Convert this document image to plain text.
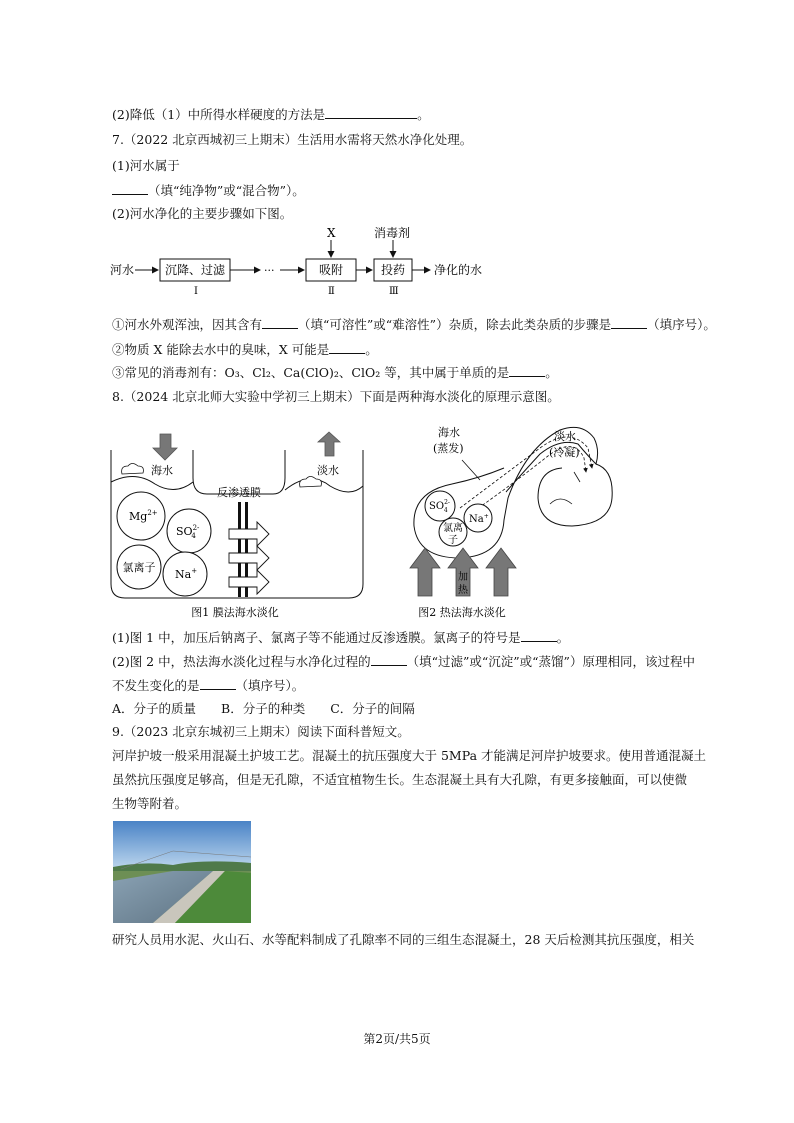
(2)降低（1）中所得水样硬度的方法是	。
7.（2022 北京西城初三上期末）生活用水需将天然水净化处理。
(1)河水属于
（填“纯净物”或“混合物”）。
(2)河水净化的主要步骤如下图。
河水	沉降、过滤
I
···	吸附
X
Ⅱ
投药
消毒剂
Ⅲ
净化的水
①河水外观浑浊，因其含有	（填“可溶性”或“难溶性”）杂质，除去此类杂质的步骤是	（填序号）。
②物质 X 能除去水中的臭味，X 可能是	。
③常见的消毒剂有：O₃、Cl₂、Ca(ClO)₂、ClO₂ 等，其中属于单质的是	。
8.（2024 北京北师大实验中学初三上期末）下面是两种海水淡化的原理示意图。
海水	淡水
反渗透膜
$Mg^{2+}$
$SO^{2-}4$
氯离子
Na+
图1 膜法海水淡化
海水
(蒸发)
淡水
(冷凝)
$SO^{2-}4$
Na+
氯离
子
加
热
图2 热法海水淡化
(1)图 1 中，加压后钠离子、氯离子等不能通过反渗透膜。氯离子的符号是	。
(2)图 2 中，热法海水淡化过程与水净化过程的	（填“过滤”或“沉淀”或“蒸馏”）原理相同，该过程中
不发生变化的是	（填序号）。
A．分子的质量　　B．分子的种类　　C．分子的间隔
9.（2023 北京东城初三上期末）阅读下面科普短文。
河岸护坡一般采用混凝土护坡工艺。混凝土的抗压强度大于 5MPa 才能满足河岸护坡要求。使用普通混凝土
虽然抗压强度足够高，但是无孔隙，不适宜植物生长。生态混凝土具有大孔隙，有更多接触面，可以使微
生物等附着。
研究人员用水泥、火山石、水等配料制成了孔隙率不同的三组生态混凝土，28 天后检测其抗压强度，相关
第2页/共5页
